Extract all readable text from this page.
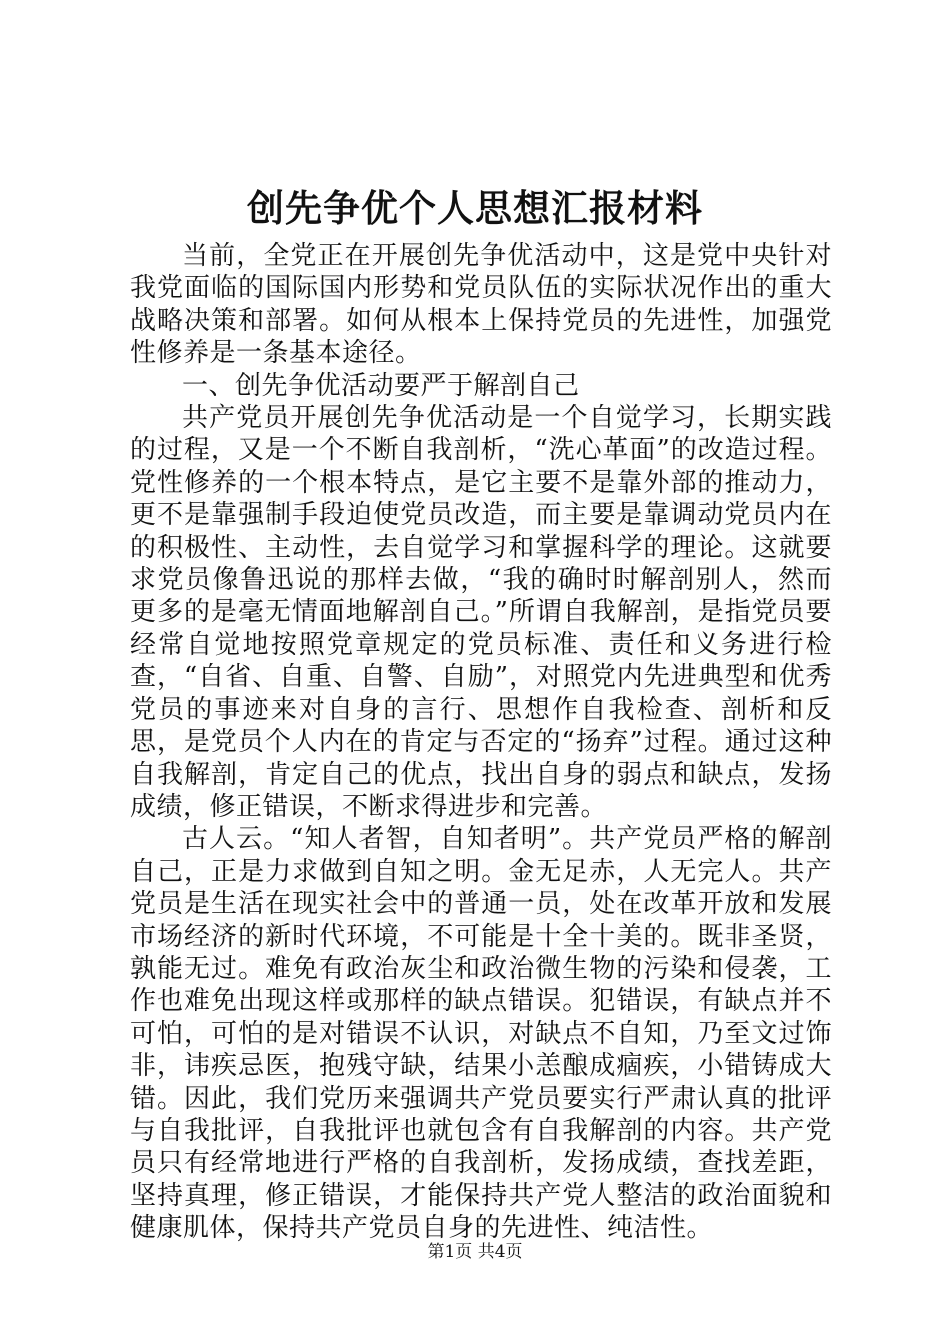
创先争优个人思想汇报材料

当前，全党正在开展创先争优活动中，这是党中央针对我党面临的国际国内形势和党员队伍的实际状况作出的重大战略决策和部署。如何从根本上保持党员的先进性，加强党性修养是一条基本途径。

一、创先争优活动要严于解剖自己

共产党员开展创先争优活动是一个自觉学习，长期实践的过程，又是一个不断自我剖析，“洗心革面”的改造过程。党性修养的一个根本特点，是它主要不是靠外部的推动力，更不是靠强制手段迫使党员改造，而主要是靠调动党员内在的积极性、主动性，去自觉学习和掌握科学的理论。这就要求党员像鲁迅说的那样去做，“我的确时时解剖别人，然而更多的是毫无情面地解剖自己。”所谓自我解剖，是指党员要经常自觉地按照党章规定的党员标准、责任和义务进行检查，“自省、自重、自警、自励”，对照党内先进典型和优秀党员的事迹来对自身的言行、思想作自我检查、剖析和反思，是党员个人内在的肯定与否定的“扬弃”过程。通过这种自我解剖，肯定自己的优点，找出自身的弱点和缺点，发扬成绩，修正错误，不断求得进步和完善。

古人云。“知人者智，自知者明”。共产党员严格的解剖自己，正是力求做到自知之明。金无足赤，人无完人。共产党员是生活在现实社会中的普通一员，处在改革开放和发展市场经济的新时代环境，不可能是十全十美的。既非圣贤，孰能无过。难免有政治灰尘和政治微生物的污染和侵袭，工作也难免出现这样或那样的缺点错误。犯错误，有缺点并不可怕，可怕的是对错误不认识，对缺点不自知，乃至文过饰非，讳疾忌医，抱残守缺，结果小恙酿成痼疾，小错铸成大错。因此，我们党历来强调共产党员要实行严肃认真的批评与自我批评，自我批评也就包含有自我解剖的内容。共产党员只有经常地进行严格的自我剖析，发扬成绩，查找差距，坚持真理，修正错误，才能保持共产党人整洁的政治面貌和健康肌体，保持共产党员自身的先进性、纯洁性。

第1页 共4页
